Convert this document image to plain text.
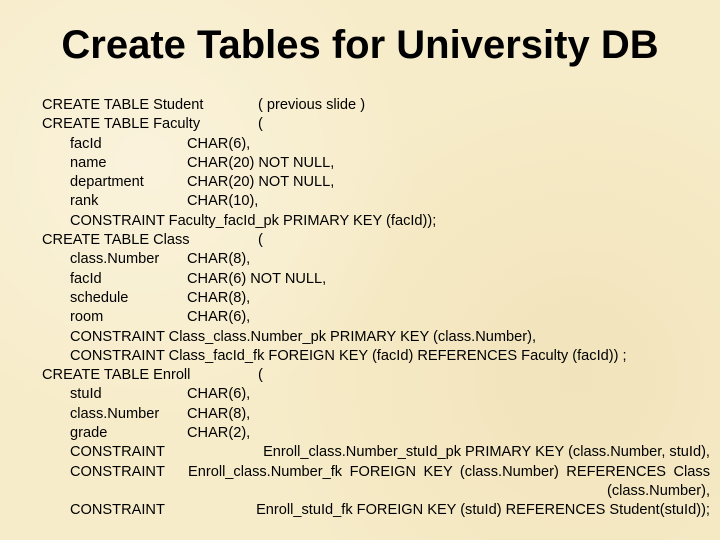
Create Tables for University DB
CREATE TABLE Student	( previous slide )
CREATE TABLE Faculty	(
facId	CHAR(6),
name	CHAR(20) NOT NULL,
department	CHAR(20) NOT NULL,
rank	CHAR(10),
CONSTRAINT Faculty_facId_pk PRIMARY KEY (facId));
CREATE TABLE Class	(
class.Number CHAR(8),
facId	CHAR(6) NOT NULL,
schedule	CHAR(8),
room	CHAR(6),
CONSTRAINT Class_class.Number_pk PRIMARY KEY (class.Number),
CONSTRAINT Class_facId_fk FOREIGN KEY (facId) REFERENCES Faculty (facId)) ;
CREATE TABLE Enroll	(
stuId	CHAR(6),
class.Number CHAR(8),
grade	CHAR(2),
CONSTRAINT	Enroll_class.Number_stuId_pk PRIMARY KEY (class.Number, stuId),
CONSTRAINT Enroll_class.Number_fk FOREIGN KEY (class.Number) REFERENCES Class (class.Number),
CONSTRAINT	Enroll_stuId_fk FOREIGN KEY (stuId) REFERENCES Student(stuId));
